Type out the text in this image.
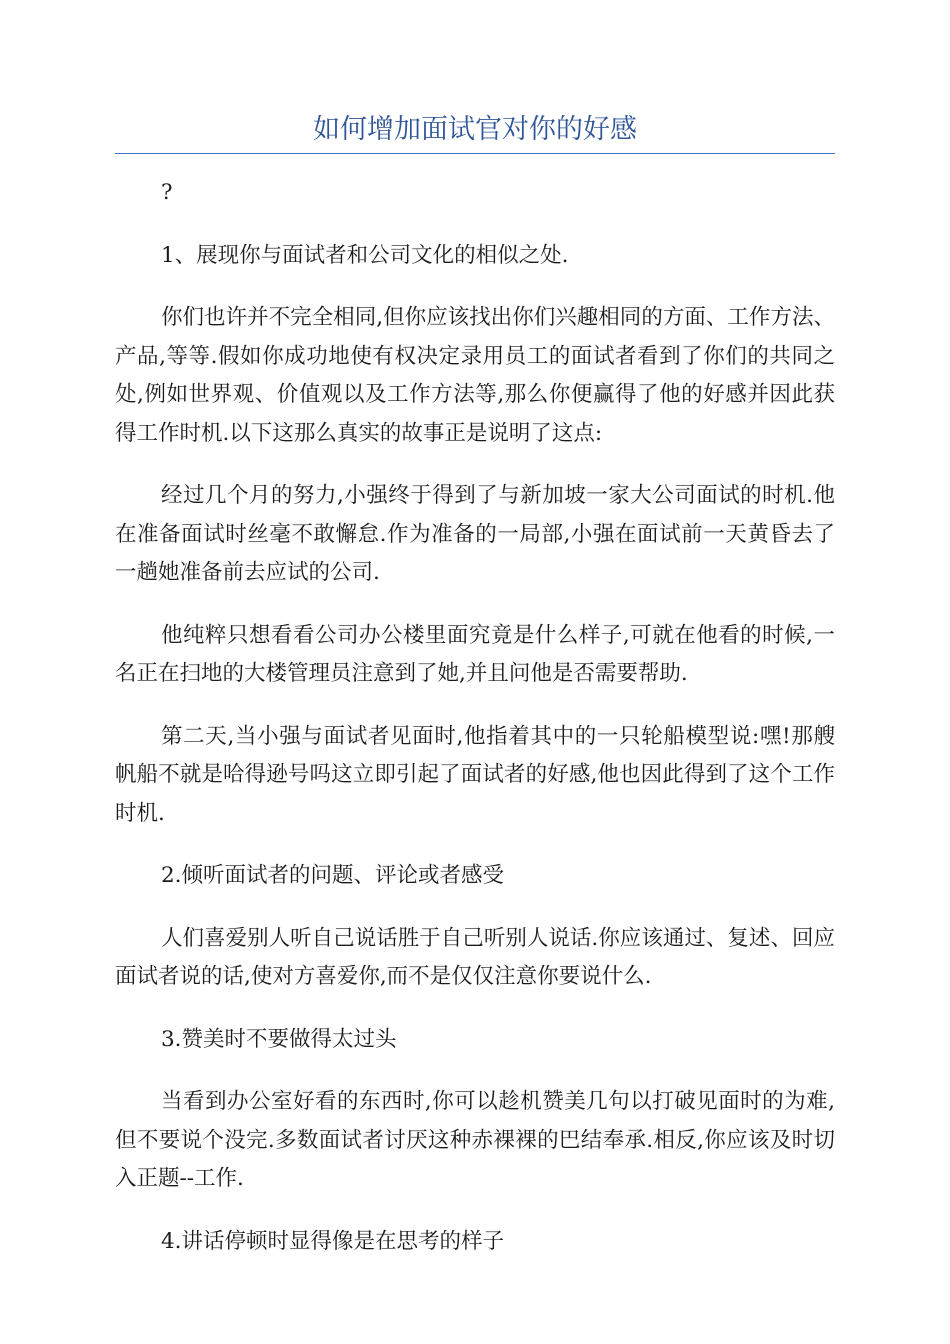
如何增加面试官对你的好感

?

1、展现你与面试者和公司文化的相似之处.

你们也许并不完全相同,但你应该找出你们兴趣相同的方面、工作方法、产品,等等.假如你成功地使有权决定录用员工的面试者看到了你们的共同之处,例如世界观、价值观以及工作方法等,那么你便赢得了他的好感并因此获得工作时机.以下这那么真实的故事正是说明了这点:

经过几个月的努力,小强终于得到了与新加坡一家大公司面试的时机.他在准备面试时丝毫不敢懈怠.作为准备的一局部,小强在面试前一天黄昏去了一趟她准备前去应试的公司.

他纯粹只想看看公司办公楼里面究竟是什么样子,可就在他看的时候,一名正在扫地的大楼管理员注意到了她,并且问他是否需要帮助.

第二天,当小强与面试者见面时,他指着其中的一只轮船模型说:嘿!那艘帆船不就是哈得逊号吗这立即引起了面试者的好感,他也因此得到了这个工作时机.

2.倾听面试者的问题、评论或者感受

人们喜爱别人听自己说话胜于自己听别人说话.你应该通过、复述、回应面试者说的话,使对方喜爱你,而不是仅仅注意你要说什么.

3.赞美时不要做得太过头

当看到办公室好看的东西时,你可以趁机赞美几句以打破见面时的为难,但不要说个没完.多数面试者讨厌这种赤裸裸的巴结奉承.相反,你应该及时切入正题--工作.

4.讲话停顿时显得像是在思考的样子
